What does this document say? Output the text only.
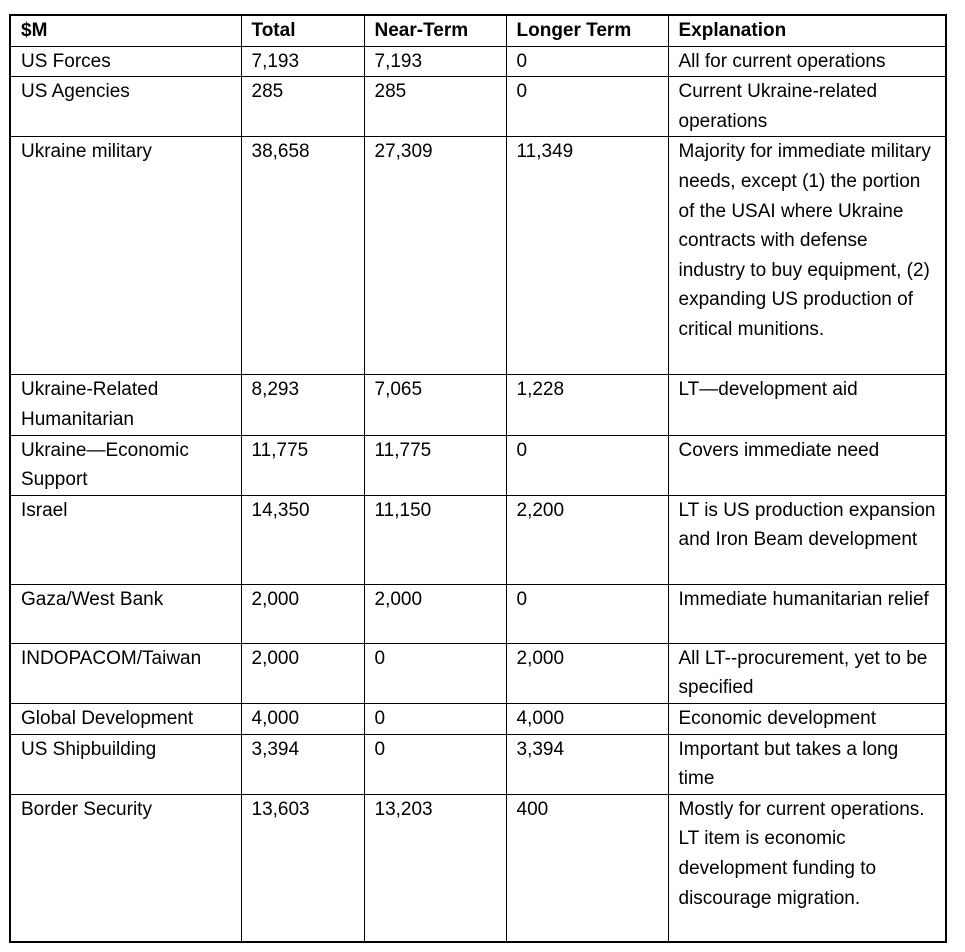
$M	Total	Near-Term	Longer Term	Explanation
US Forces	7,193	7,193	0	All for current operations
US Agencies	285	285	0	Current Ukraine-related operations
Ukraine military	38,658	27,309	11,349	Majority for immediate military needs, except (1) the portion of the USAI where Ukraine contracts with defense industry to buy equipment, (2) expanding US production of critical munitions.
Ukraine-Related Humanitarian	8,293	7,065	1,228	LT—development aid
Ukraine—Economic Support	11,775	11,775	0	Covers immediate need
Israel	14,350	11,150	2,200	LT is US production expansion and Iron Beam development
Gaza/West Bank	2,000	2,000	0	Immediate humanitarian relief
INDOPACOM/Taiwan	2,000	0	2,000	All LT--procurement, yet to be specified
Global Development	4,000	0	4,000	Economic development
US Shipbuilding	3,394	0	3,394	Important but takes a long time
Border Security	13,603	13,203	400	Mostly for current operations. LT item is economic development funding to discourage migration.
